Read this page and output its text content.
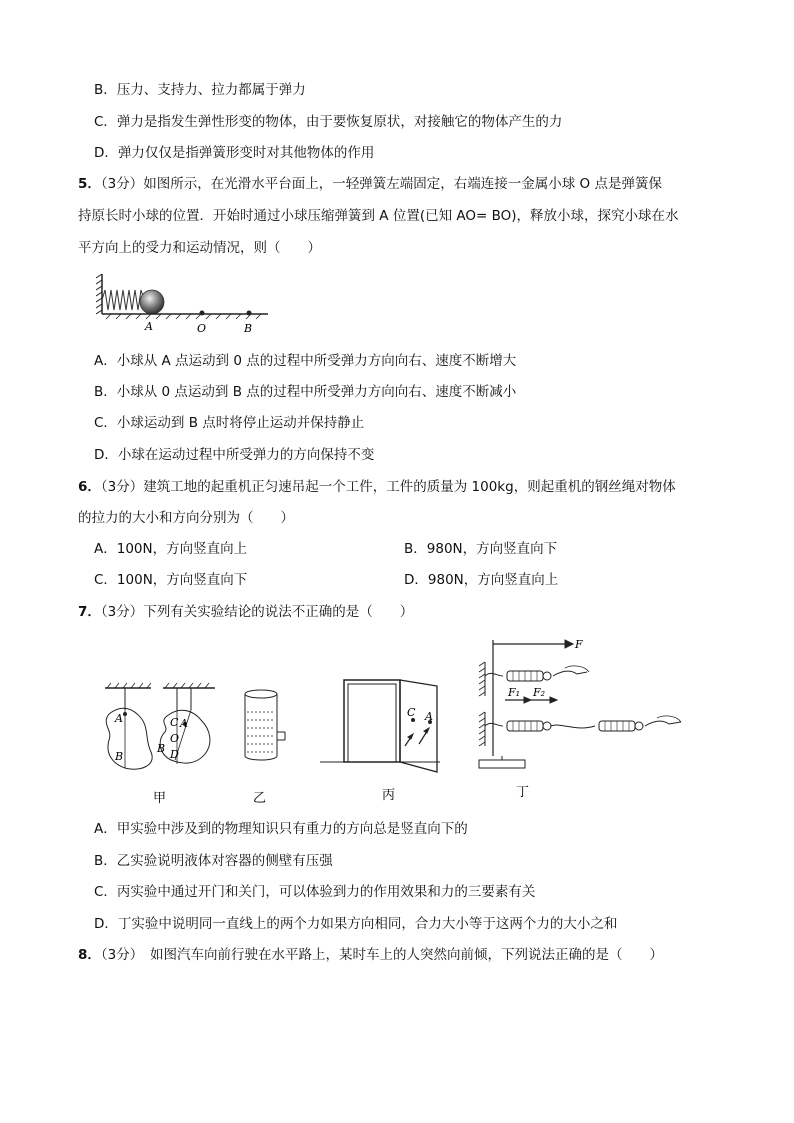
B．压力、支持力、拉力都属于弹力
C．弹力是指发生弹性形变的物体，由于要恢复原状，对接触它的物体产生的力
D．弹力仅仅是指弹簧形变时对其他物体的作用
5．（3分）如图所示，在光滑水平台面上，一轻弹簧左端固定，右端连接一金属小球 O 点是弹簧保
持原长时小球的位置．开始时通过小球压缩弹簧到 A 位置(已知 AO= BO)，释放小球，探究小球在水
平方向上的受力和运动情况，则（　　）
A	O	B
A．小球从 A 点运动到 0 点的过程中所受弹力方向向右、速度不断增大
B．小球从 0 点运动到 B 点的过程中所受弹力方向向右、速度不断减小
C．小球运动到 B 点时将停止运动并保持静止
D．小球在运动过程中所受弹力的方向保持不变
6．（3分）建筑工地的起重机正匀速吊起一个工件，工件的质量为 100kg，则起重机的钢丝绳对物体
的拉力的大小和方向分别为（　　）
A．100N，方向竖直向上	B．980N，方向竖直向下
C．100N，方向竖直向下	D．980N，方向竖直向上
7．（3分）下列有关实验结论的说法不正确的是（　　）
A
B
C A
O
B D
甲	乙
C A
丙
F
F₁ F₂
丁
A．甲实验中涉及到的物理知识只有重力的方向总是竖直向下的
B．乙实验说明液体对容器的侧壁有压强
C．丙实验中通过开门和关门，可以体验到力的作用效果和力的三要素有关
D．丁实验中说明同一直线上的两个力如果方向相同，合力大小等于这两个力的大小之和
8．（3分）　如图汽车向前行驶在水平路上，某时车上的人突然向前倾，下列说法正确的是（　　）
